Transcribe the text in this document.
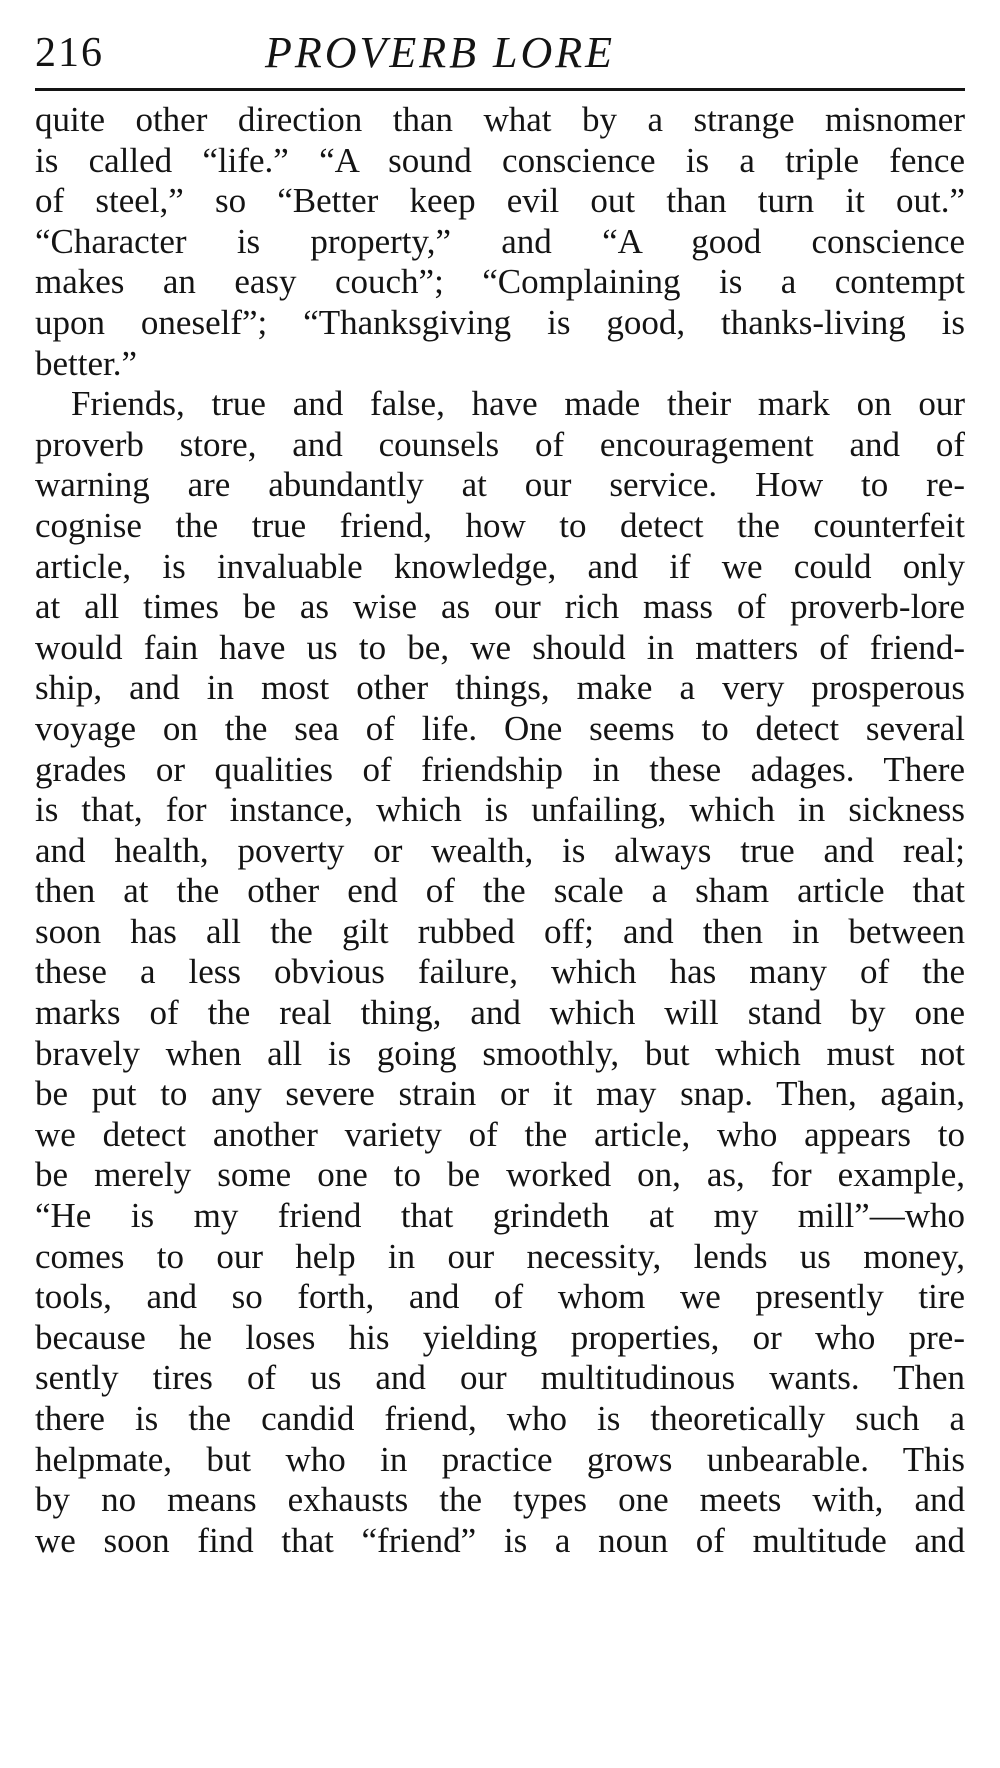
216	PROVERB LORE
quite other direction than what by a strange misnomer
is called “life.” “A sound conscience is a triple fence
of steel,” so “Better keep evil out than turn it out.”
“Character is property,” and “A good conscience
makes an easy couch”; “Complaining is a contempt
upon oneself”; “Thanksgiving is good, thanks-living is
better.”
Friends, true and false, have made their mark on our
proverb store, and counsels of encouragement and of
warning are abundantly at our service. How to re-
cognise the true friend, how to detect the counterfeit
article, is invaluable knowledge, and if we could only
at all times be as wise as our rich mass of proverb-lore
would fain have us to be, we should in matters of friend-
ship, and in most other things, make a very prosperous
voyage on the sea of life. One seems to detect several
grades or qualities of friendship in these adages. There
is that, for instance, which is unfailing, which in sickness
and health, poverty or wealth, is always true and real;
then at the other end of the scale a sham article that
soon has all the gilt rubbed off; and then in between
these a less obvious failure, which has many of the
marks of the real thing, and which will stand by one
bravely when all is going smoothly, but which must not
be put to any severe strain or it may snap. Then, again,
we detect another variety of the article, who appears to
be merely some one to be worked on, as, for example,
“He is my friend that grindeth at my mill”—who
comes to our help in our necessity, lends us money,
tools, and so forth, and of whom we presently tire
because he loses his yielding properties, or who pre-
sently tires of us and our multitudinous wants. Then
there is the candid friend, who is theoretically such a
helpmate, but who in practice grows unbearable. This
by no means exhausts the types one meets with, and
we soon find that “friend” is a noun of multitude and
